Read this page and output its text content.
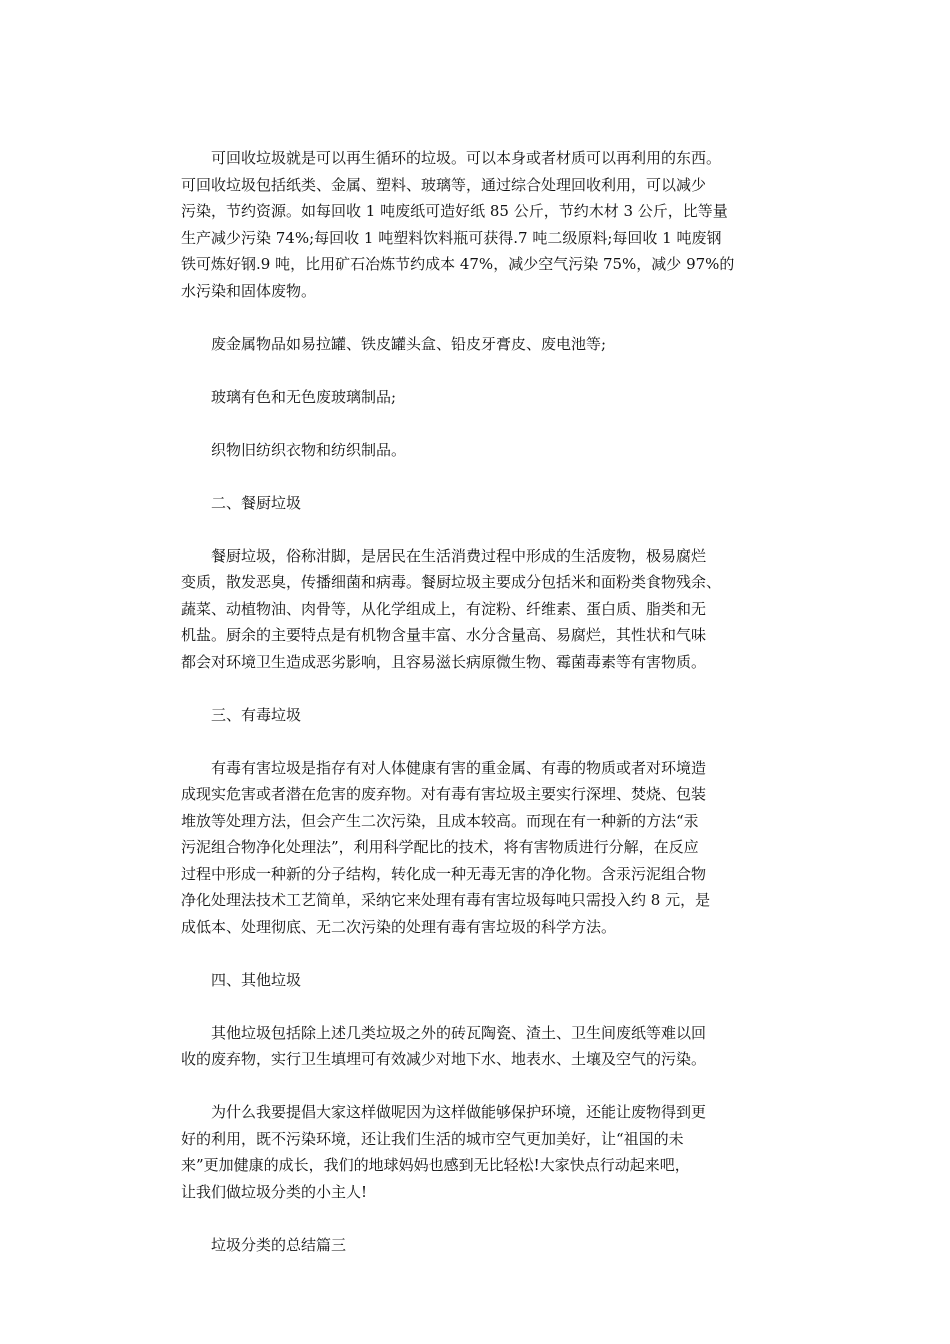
可回收垃圾就是可以再生循环的垃圾。可以本身或者材质可以再利用的东西。
可回收垃圾包括纸类、金属、塑料、玻璃等，通过综合处理回收利用，可以减少
污染，节约资源。如每回收 1 吨废纸可造好纸 85 公斤，节约木材 3 公斤，比等量
生产减少污染 74%;每回收 1 吨塑料饮料瓶可获得.7 吨二级原料;每回收 1 吨废钢
铁可炼好钢.9 吨，比用矿石冶炼节约成本 47%，减少空气污染 75%，减少 97%的
水污染和固体废物。

废金属物品如易拉罐、铁皮罐头盒、铅皮牙膏皮、废电池等;

玻璃有色和无色废玻璃制品;

织物旧纺织衣物和纺织制品。

二、餐厨垃圾

餐厨垃圾，俗称泔脚，是居民在生活消费过程中形成的生活废物，极易腐烂
变质，散发恶臭，传播细菌和病毒。餐厨垃圾主要成分包括米和面粉类食物残余、
蔬菜、动植物油、肉骨等，从化学组成上，有淀粉、纤维素、蛋白质、脂类和无
机盐。厨余的主要特点是有机物含量丰富、水分含量高、易腐烂，其性状和气味
都会对环境卫生造成恶劣影响，且容易滋长病原微生物、霉菌毒素等有害物质。

三、有毒垃圾

有毒有害垃圾是指存有对人体健康有害的重金属、有毒的物质或者对环境造
成现实危害或者潜在危害的废弃物。对有毒有害垃圾主要实行深埋、焚烧、包装
堆放等处理方法，但会产生二次污染，且成本较高。而现在有一种新的方法“汞
污泥组合物净化处理法”，利用科学配比的技术，将有害物质进行分解，在反应
过程中形成一种新的分子结构，转化成一种无毒无害的净化物。含汞污泥组合物
净化处理法技术工艺简单，采纳它来处理有毒有害垃圾每吨只需投入约 8 元，是
成低本、处理彻底、无二次污染的处理有毒有害垃圾的科学方法。

四、其他垃圾

其他垃圾包括除上述几类垃圾之外的砖瓦陶瓷、渣土、卫生间废纸等难以回
收的废弃物，实行卫生填埋可有效减少对地下水、地表水、土壤及空气的污染。

为什么我要提倡大家这样做呢因为这样做能够保护环境，还能让废物得到更
好的利用，既不污染环境，还让我们生活的城市空气更加美好，让“祖国的未
来”更加健康的成长，我们的地球妈妈也感到无比轻松!大家快点行动起来吧，
让我们做垃圾分类的小主人!

垃圾分类的总结篇三
